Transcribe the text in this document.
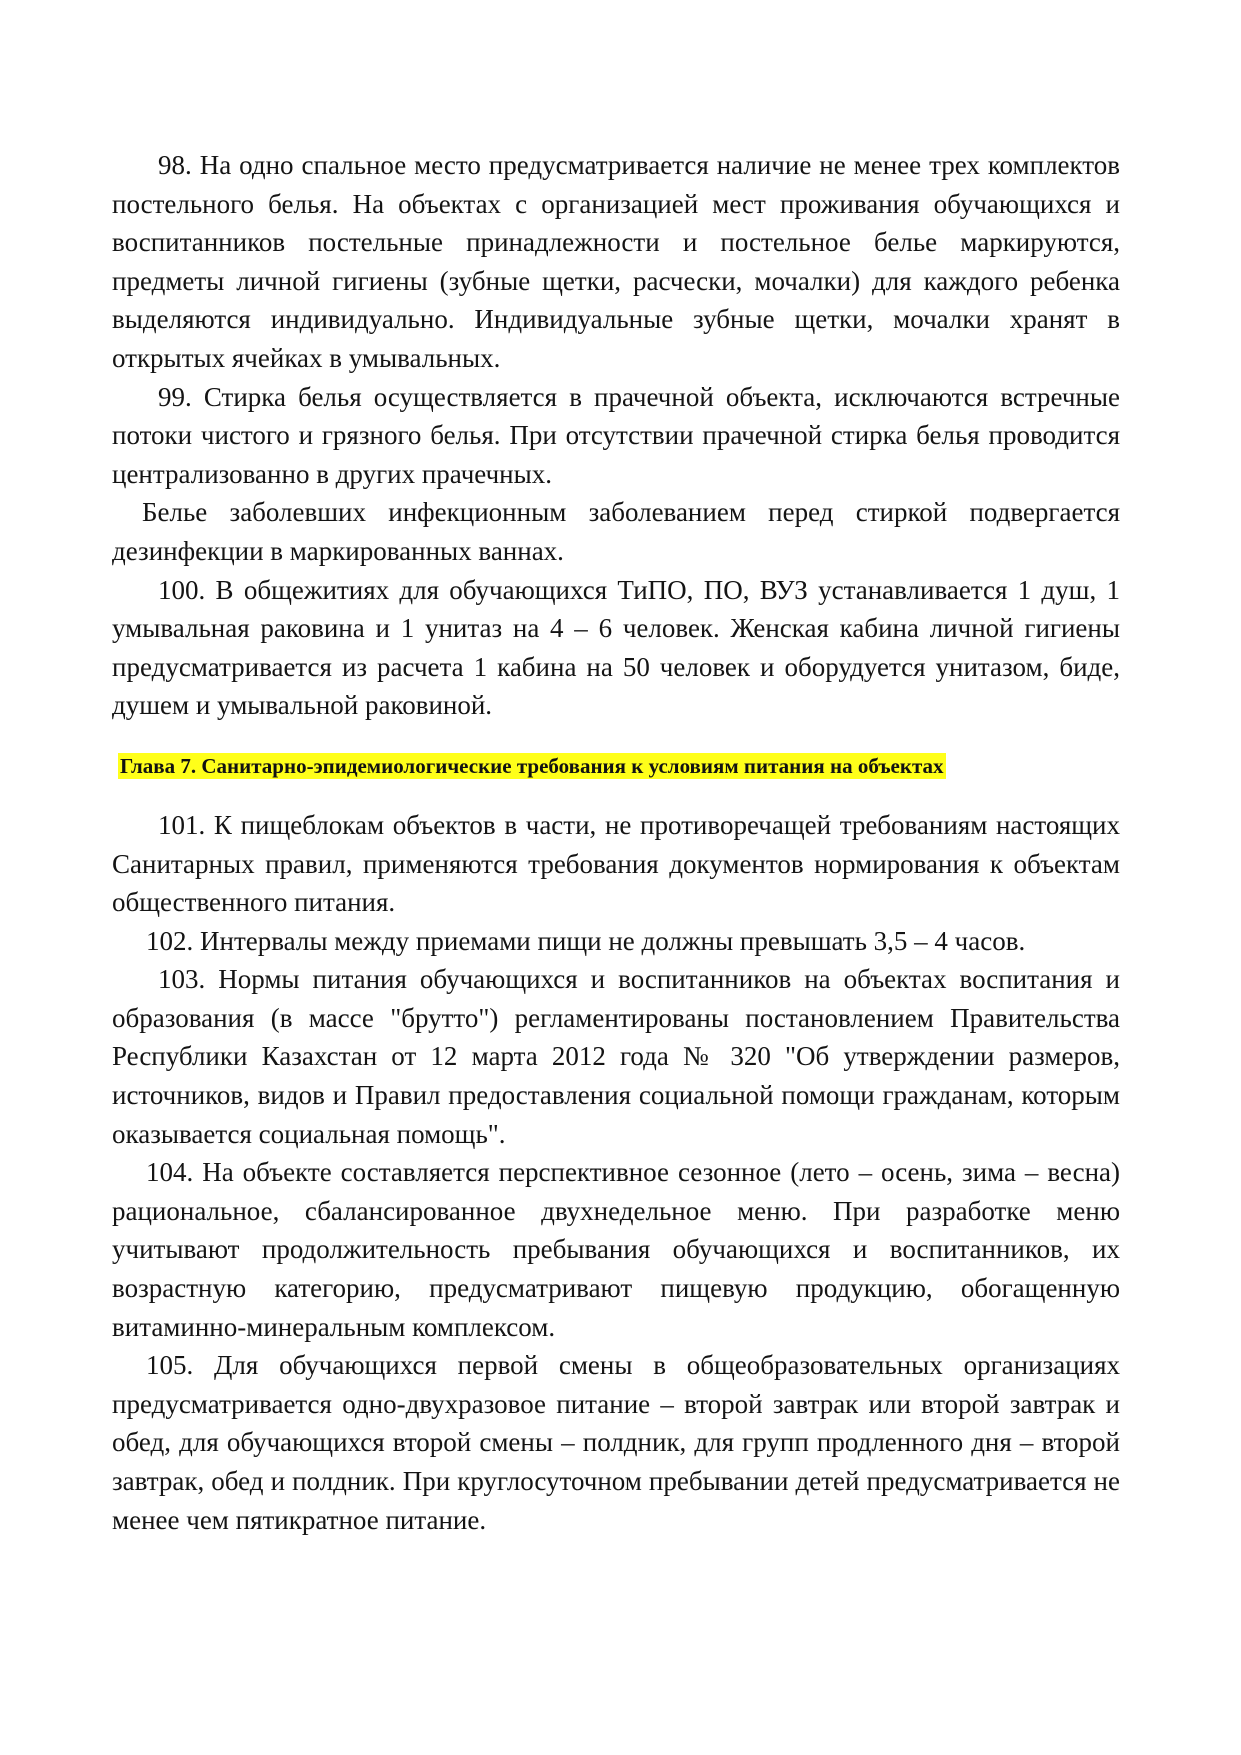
98. На одно спальное место предусматривается наличие не менее трех комплектов постельного белья. На объектах с организацией мест проживания обучающихся и воспитанников постельные принадлежности и постельное белье маркируются, предметы личной гигиены (зубные щетки, расчески, мочалки) для каждого ребенка выделяются индивидуально. Индивидуальные зубные щетки, мочалки хранят в открытых ячейках в умывальных.

99. Стирка белья осуществляется в прачечной объекта, исключаются встречные потоки чистого и грязного белья. При отсутствии прачечной стирка белья проводится централизованно в других прачечных.

Белье заболевших инфекционным заболеванием перед стиркой подвергается дезинфекции в маркированных ваннах.

100. В общежитиях для обучающихся ТиПО, ПО, ВУЗ устанавливается 1 душ, 1 умывальная раковина и 1 унитаз на 4 – 6 человек. Женская кабина личной гигиены предусматривается из расчета 1 кабина на 50 человек и оборудуется унитазом, биде, душем и умывальной раковиной.

Глава 7. Санитарно-эпидемиологические требования к условиям питания на объектах

101. К пищеблокам объектов в части, не противоречащей требованиям настоящих Санитарных правил, применяются требования документов нормирования к объектам общественного питания.

102. Интервалы между приемами пищи не должны превышать 3,5 – 4 часов.

103. Нормы питания обучающихся и воспитанников на объектах воспитания и образования (в массе "брутто") регламентированы постановлением Правительства Республики Казахстан от 12 марта 2012 года № 320 "Об утверждении размеров, источников, видов и Правил предоставления социальной помощи гражданам, которым оказывается социальная помощь".

104. На объекте составляется перспективное сезонное (лето – осень, зима – весна) рациональное, сбалансированное двухнедельное меню. При разработке меню учитывают продолжительность пребывания обучающихся и воспитанников, их возрастную категорию, предусматривают пищевую продукцию, обогащенную витаминно-минеральным комплексом.

105. Для обучающихся первой смены в общеобразовательных организациях предусматривается одно-двухразовое питание – второй завтрак или второй завтрак и обед, для обучающихся второй смены – полдник, для групп продленного дня – второй завтрак, обед и полдник. При круглосуточном пребывании детей предусматривается не менее чем пятикратное питание.
